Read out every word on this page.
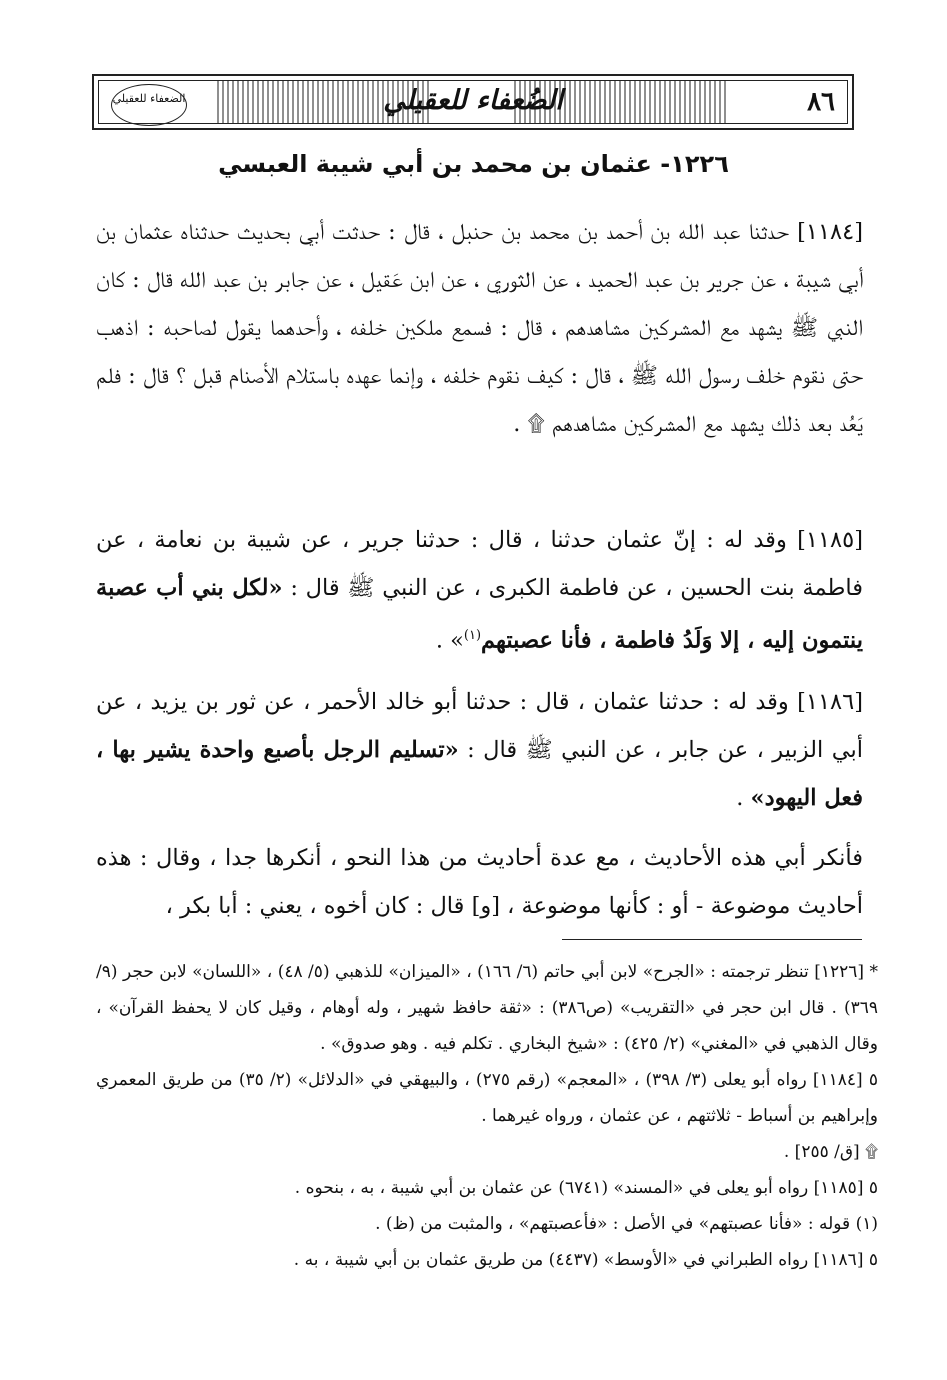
الضعفاء للعقيلي	الضُعفاء للعقيلي	٨٦
١٢٢٦- عثمان بن محمد بن أبي شيبة العبسي
[١١٨٤] حدثنا عبد الله بن أحمد بن محمد بن حنبل ، قال : حدثت أبي بحديث حدثناه عثمان بن أبي شيبة ، عن جرير بن عبد الحميد ، عن الثوري ، عن ابن عَقيل ، عن جابر بن عبد الله قال : كان النبي ﷺ يشهد مع المشركين مشاهدهم ، قال : فسمع ملكين خلفه ، وأحدهما يقول لصاحبه : اذهب حتى نقوم خلف رسول الله ﷺ ، قال : كيف نقوم خلفه ، وإنما عهده باستلام الأصنام قبل ؟ قال : فلم يَعُد بعد ذلك يشهد مع المشركين مشاهدهم ۩ .
[١١٨٥] وقد له : إنّ عثمان حدثنا ، قال : حدثنا جرير ، عن شيبة بن نعامة ، عن فاطمة بنت الحسين ، عن فاطمة الكبرى ، عن النبي ﷺ قال : «لكل بني أب عصبة ينتمون إليه ، إلا وَلَدُ فاطمة ، فأنا عصبتهم$^{(١)}$» .
[١١٨٦] وقد له : حدثنا عثمان ، قال : حدثنا أبو خالد الأحمر ، عن ثور بن يزيد ، عن أبي الزبير ، عن جابر ، عن النبي ﷺ قال : «تسليم الرجل بأصبع واحدة يشير بها ، فعل اليهود» .
فأنكر أبي هذه الأحاديث ، مع عدة أحاديث من هذا النحو ، أنكرها جدا ، وقال : هذه أحاديث موضوعة - أو : كأنها موضوعة ، [و] قال : كان أخوه ، يعني : أبا بكر ،

* [١٢٢٦] تنظر ترجمته : «الجرح» لابن أبي حاتم (٦/ ١٦٦) ، «الميزان» للذهبي (٥/ ٤٨) ، «اللسان» لابن حجر (٩/ ٣٦٩) . قال ابن حجر في «التقريب» (ص٣٨٦) : «ثقة حافظ شهير ، وله أوهام ، وقيل كان لا يحفظ القرآن» ، وقال الذهبي في «المغني» (٢/ ٤٢٥) : «شيخ البخاري . تكلم فيه . وهو صدوق» .

٥ [١١٨٤] رواه أبو يعلى (٣/ ٣٩٨) ، «المعجم» (رقم ٢٧٥) ، والبيهقي في «الدلائل» (٢/ ٣٥) من طريق المعمري وإبراهيم بن أسباط - ثلاثتهم ، عن عثمان ، ورواه غيرهما .

۩ [ق/ ٢٥٥] .

٥ [١١٨٥] رواه أبو يعلى في «المسند» (٦٧٤١) عن عثمان بن أبي شيبة ، به ، بنحوه .

(١) قوله : «فأنا عصبتهم» في الأصل : «فأعصبتهم» ، والمثبت من (ظ) .

٥ [١١٨٦] رواه الطبراني في «الأوسط» (٤٤٣٧) من طريق عثمان بن أبي شيبة ، به .
